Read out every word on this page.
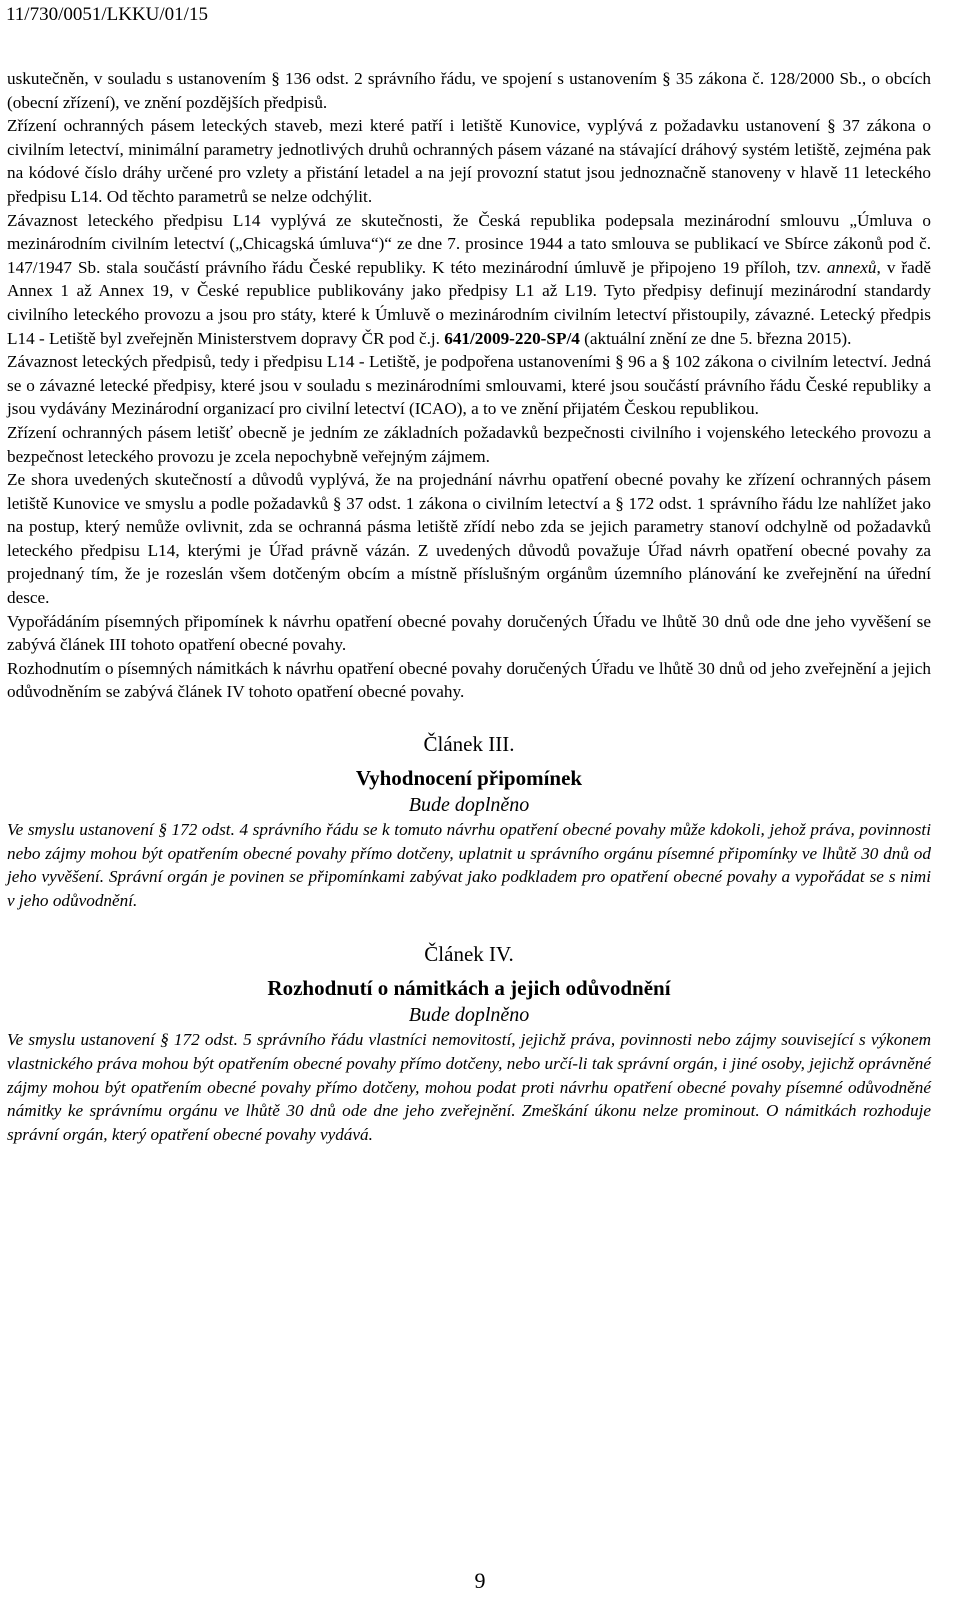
11/730/0051/LKKU/01/15

uskutečněn, v souladu s ustanovením § 136 odst. 2 správního řádu, ve spojení s ustanovením § 35 zákona č. 128/2000 Sb., o obcích (obecní zřízení), ve znění pozdějších předpisů.

Zřízení ochranných pásem leteckých staveb, mezi které patří i letiště Kunovice, vyplývá z požadavku ustanovení § 37 zákona o civilním letectví, minimální parametry jednotlivých druhů ochranných pásem vázané na stávající dráhový systém letiště, zejména pak na kódové číslo dráhy určené pro vzlety a přistání letadel a na její provozní statut jsou jednoznačně stanoveny v hlavě 11 leteckého předpisu L14. Od těchto parametrů se nelze odchýlit.

Závaznost leteckého předpisu L14 vyplývá ze skutečnosti, že Česká republika podepsala mezinárodní smlouvu „Úmluva o mezinárodním civilním letectví („Chicagská úmluva“)“ ze dne 7. prosince 1944 a tato smlouva se publikací ve Sbírce zákonů pod č. 147/1947 Sb. stala součástí právního řádu České republiky. K této mezinárodní úmluvě je připojeno 19 příloh, tzv. annexů, v řadě Annex 1 až Annex 19, v České republice publikovány jako předpisy L1 až L19. Tyto předpisy definují mezinárodní standardy civilního leteckého provozu a jsou pro státy, které k Úmluvě o mezinárodním civilním letectví přistoupily, závazné. Letecký předpis L14 - Letiště byl zveřejněn Ministerstvem dopravy ČR pod č.j. 641/2009-220-SP/4 (aktuální znění ze dne 5. března 2015).

Závaznost leteckých předpisů, tedy i předpisu L14 - Letiště, je podpořena ustanoveními § 96 a § 102 zákona o civilním letectví. Jedná se o závazné letecké předpisy, které jsou v souladu s mezinárodními smlouvami, které jsou součástí právního řádu České republiky a jsou vydávány Mezinárodní organizací pro civilní letectví (ICAO), a to ve znění přijatém Českou republikou.

Zřízení ochranných pásem letišť obecně je jedním ze základních požadavků bezpečnosti civilního i vojenského leteckého provozu a bezpečnost leteckého provozu je zcela nepochybně veřejným zájmem.

Ze shora uvedených skutečností a důvodů vyplývá, že na projednání návrhu opatření obecné povahy ke zřízení ochranných pásem letiště Kunovice ve smyslu a podle požadavků § 37 odst. 1 zákona o civilním letectví a § 172 odst. 1 správního řádu lze nahlížet jako na postup, který nemůže ovlivnit, zda se ochranná pásma letiště zřídí nebo zda se jejich parametry stanoví odchylně od požadavků leteckého předpisu L14, kterými je Úřad právně vázán. Z uvedených důvodů považuje Úřad návrh opatření obecné povahy za projednaný tím, že je rozeslán všem dotčeným obcím a místně příslušným orgánům územního plánování ke zveřejnění na úřední desce.

Vypořádáním písemných připomínek k návrhu opatření obecné povahy doručených Úřadu ve lhůtě 30 dnů ode dne jeho vyvěšení se zabývá článek III tohoto opatření obecné povahy.

Rozhodnutím o písemných námitkách k návrhu opatření obecné povahy doručených Úřadu ve lhůtě 30 dnů od jeho zveřejnění a jejich odůvodněním se zabývá článek IV tohoto opatření obecné povahy.

Článek III.

Vyhodnocení připomínek

Bude doplněno

Ve smyslu ustanovení § 172 odst. 4 správního řádu se k tomuto návrhu opatření obecné povahy může kdokoli, jehož práva, povinnosti nebo zájmy mohou být opatřením obecné povahy přímo dotčeny, uplatnit u správního orgánu písemné připomínky ve lhůtě 30 dnů od jeho vyvěšení. Správní orgán je povinen se připomínkami zabývat jako podkladem pro opatření obecné povahy a vypořádat se s nimi v jeho odůvodnění.

Článek IV.

Rozhodnutí o námitkách a jejich odůvodnění

Bude doplněno

Ve smyslu ustanovení § 172 odst. 5 správního řádu vlastníci nemovitostí, jejichž práva, povinnosti nebo zájmy související s výkonem vlastnického práva mohou být opatřením obecné povahy přímo dotčeny, nebo určí-li tak správní orgán, i jiné osoby, jejichž oprávněné zájmy mohou být opatřením obecné povahy přímo dotčeny, mohou podat proti návrhu opatření obecné povahy písemné odůvodněné námitky ke správnímu orgánu ve lhůtě 30 dnů ode dne jeho zveřejnění. Zmeškání úkonu nelze prominout. O námitkách rozhoduje správní orgán, který opatření obecné povahy vydává.

9
